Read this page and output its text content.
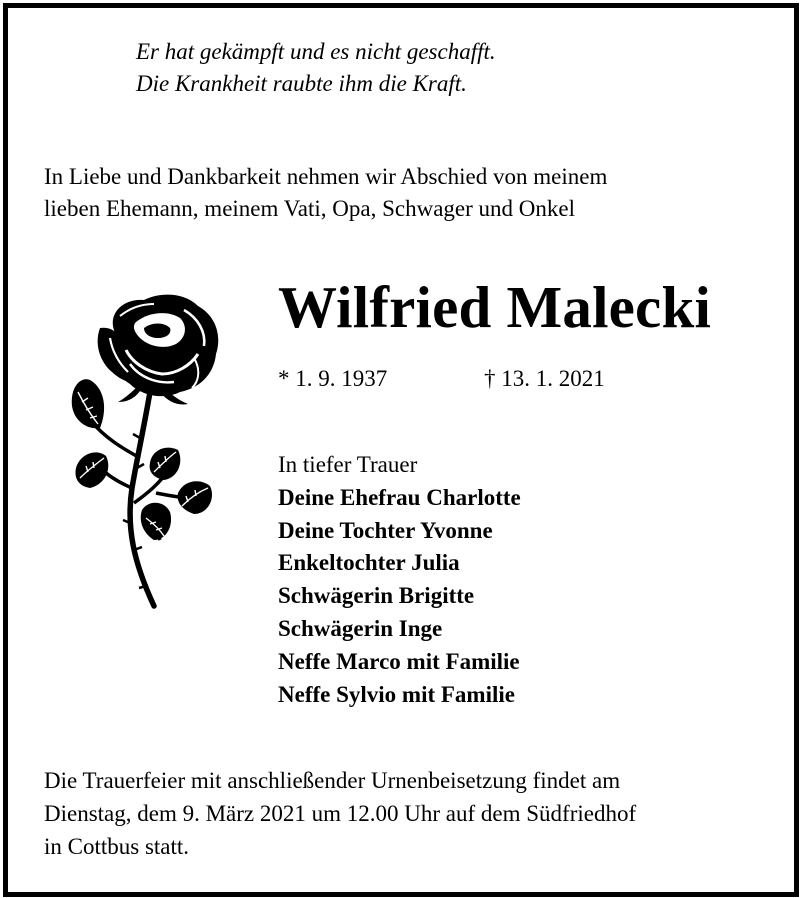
Er hat gekämpft und es nicht geschafft.
Die Krankheit raubte ihm die Kraft.
In Liebe und Dankbarkeit nehmen wir Abschied von meinem
lieben Ehemann, meinem Vati, Opa, Schwager und Onkel
Wilfried Malecki
* 1. 9. 1937	† 13. 1. 2021
In tiefer Trauer
Deine Ehefrau Charlotte
Deine Tochter Yvonne
Enkeltochter Julia
Schwägerin Brigitte
Schwägerin Inge
Neffe Marco mit Familie
Neffe Sylvio mit Familie
Die Trauerfeier mit anschließender Urnenbeisetzung findet am
Dienstag, dem 9. März 2021 um 12.00 Uhr auf dem Südfriedhof
in Cottbus statt.
